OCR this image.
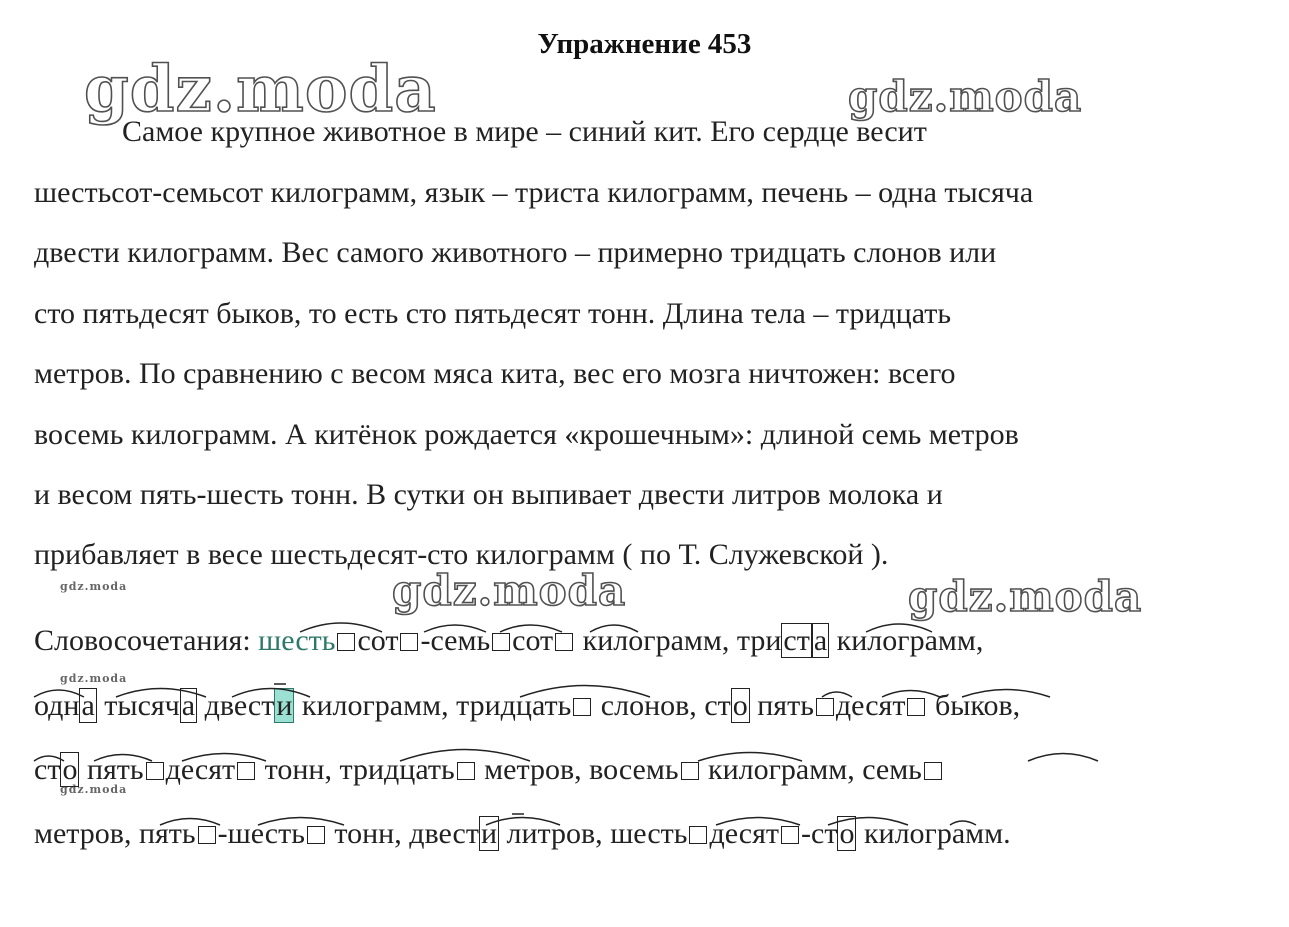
Упражнение 453
gdz.moda	gdz.moda
gdz.moda	gdz.moda
gdz.moda
gdz.moda
gdz.moda
Самое крупное животное в мире – синий кит. Его сердце весит
шестьсот-семьсот килограмм, язык – триста килограмм, печень – одна тысяча
двести килограмм. Вес самого животного – примерно тридцать слонов или
сто пятьдесят быков, то есть сто пятьдесят тонн. Длина тела – тридцать
метров. По сравнению с весом мяса кита, вес его мозга ничтожен: всего
восемь килограмм. А китёнок рождается «крошечным»: длиной семь метров
и весом пять-шесть тонн. В сутки он выпивает двести литров молока и
прибавляет в весе шестьдесят-сто килограмм ( по Т. Служевской ).
Словосочетания: шесть сот -семь сот килограмм, трист а килограмм,
одна тысяча двести килограмм, тридцать слонов, сто пять десят быков,
сто пять десят тонн, тридцать метров, восемь килограмм, семь
метров, пять -шесть тонн, двести литров, шесть десят -сто килограмм.
